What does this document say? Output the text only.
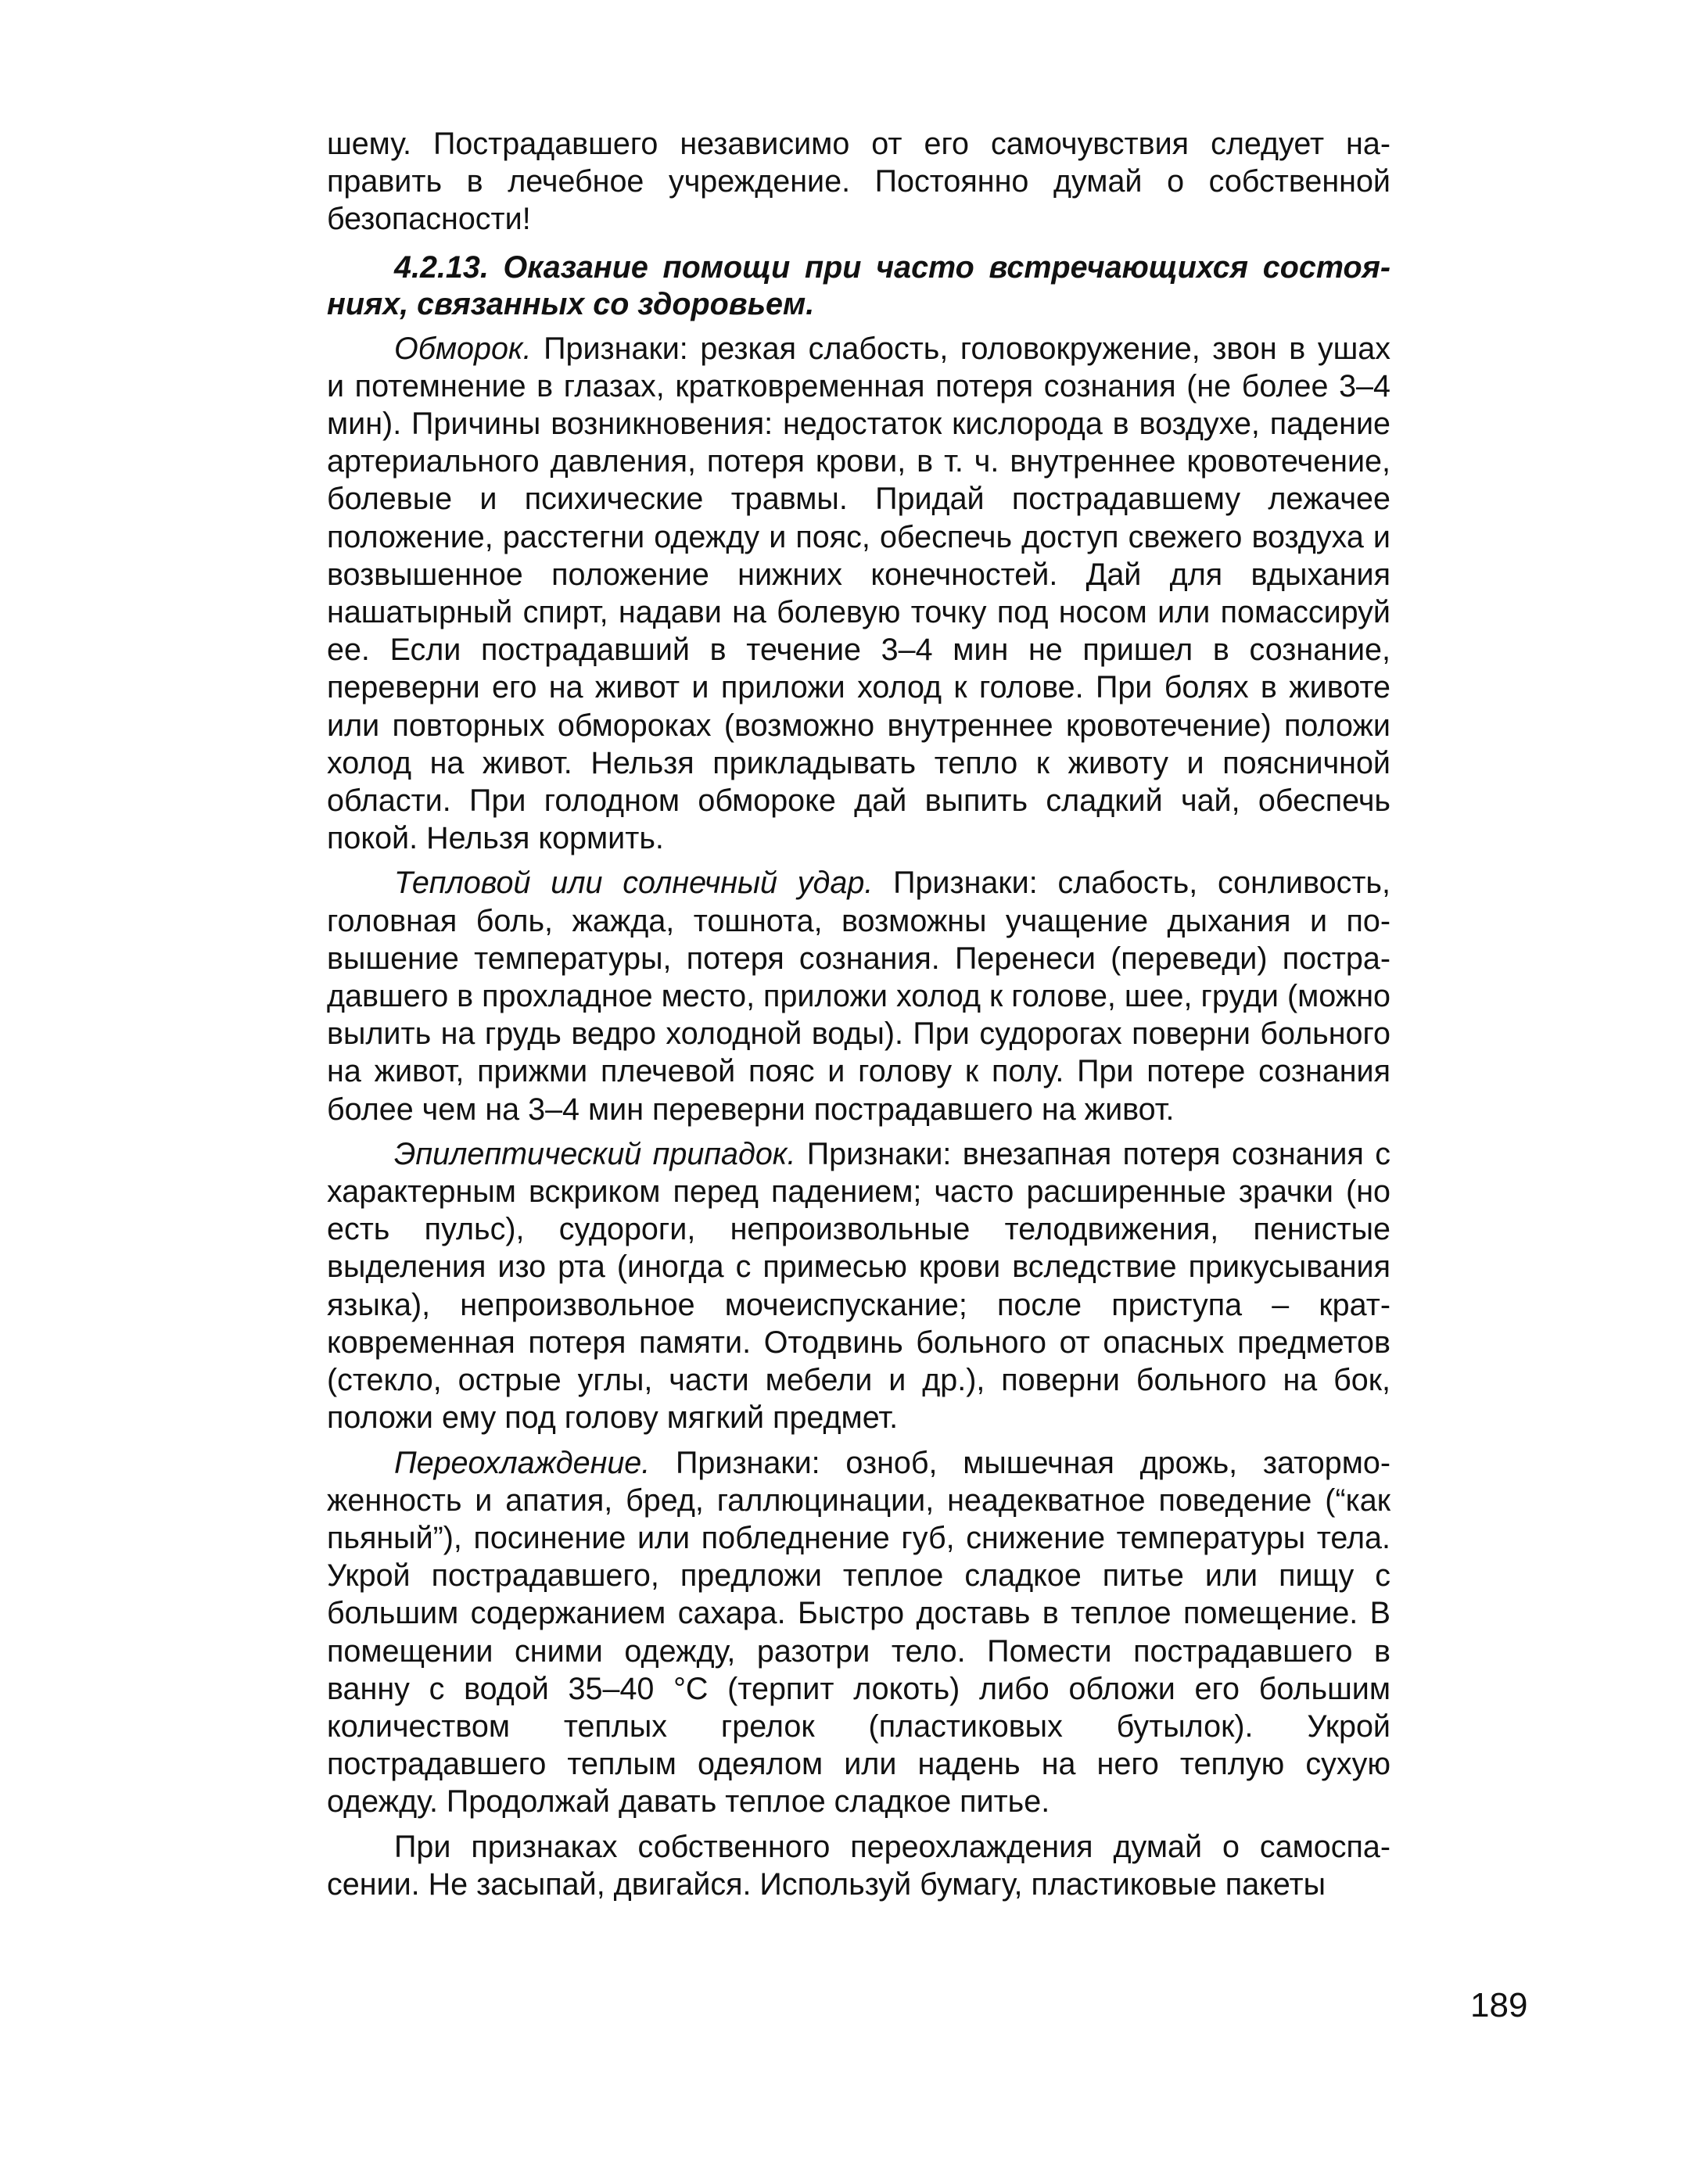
шему. Пострадавшего независимо от его самочувствия следует направить в лечебное учреждение. Постоянно думай о собственной безопасности!

4.2.13. Оказание помощи при часто встречающихся состояниях, связанных со здоровьем.

Обморок. Признаки: резкая слабость, головокружение, звон в ушах и потемнение в глазах, кратковременная потеря сознания (не более 3–4 мин). Причины возникновения: недостаток кислорода в воздухе, падение артериального давления, потеря крови, в т. ч. внутреннее кровотечение, болевые и психические травмы. Придай пострадавшему лежачее положение, расстегни одежду и пояс, обеспечь доступ свежего воздуха и возвышенное положение нижних конечностей. Дай для вдыхания нашатырный спирт, надави на болевую точку под носом или помассируй ее. Если пострадавший в течение 3–4 мин не пришел в сознание, переверни его на живот и приложи холод к голове. При болях в животе или повторных обмороках (возможно внутреннее кровотечение) положи холод на живот. Нельзя прикладывать тепло к животу и поясничной области. При голодном обмороке дай выпить сладкий чай, обеспечь покой. Нельзя кормить.

Тепловой или солнечный удар. Признаки: слабость, сонливость, головная боль, жажда, тошнота, возможны учащение дыхания и повышение температуры, потеря сознания. Перенеси (переведи) пострадавшего в прохладное место, приложи холод к голове, шее, груди (можно вылить на грудь ведро холодной воды). При судорогах поверни больного на живот, прижми плечевой пояс и голову к полу. При потере сознания более чем на 3–4 мин переверни пострадавшего на живот.

Эпилептический припадок. Признаки: внезапная потеря сознания с характерным вскриком перед падением; часто расширенные зрачки (но есть пульс), судороги, непроизвольные телодвижения, пенистые выделения изо рта (иногда с примесью крови вследствие прикусывания языка), непроизвольное мочеиспускание; после приступа – кратковременная потеря памяти. Отодвинь больного от опасных предметов (стекло, острые углы, части мебели и др.), поверни больного на бок, положи ему под голову мягкий предмет.

Переохлаждение. Признаки: озноб, мышечная дрожь, заторможенность и апатия, бред, галлюцинации, неадекватное поведение (“как пьяный”), посинение или побледнение губ, снижение температуры тела. Укрой пострадавшего, предложи теплое сладкое питье или пищу с большим содержанием сахара. Быстро доставь в теплое помещение. В помещении сними одежду, разотри тело. Помести пострадавшего в ванну с водой 35–40 °С (терпит локоть) либо обложи его большим количеством теплых грелок (пластиковых бутылок). Укрой пострадавшего теплым одеялом или надень на него теплую сухую одежду. Продолжай давать теплое сладкое питье.

При признаках собственного переохлаждения думай о самоспасении. Не засыпай, двигайся. Используй бумагу, пластиковые пакеты

189
